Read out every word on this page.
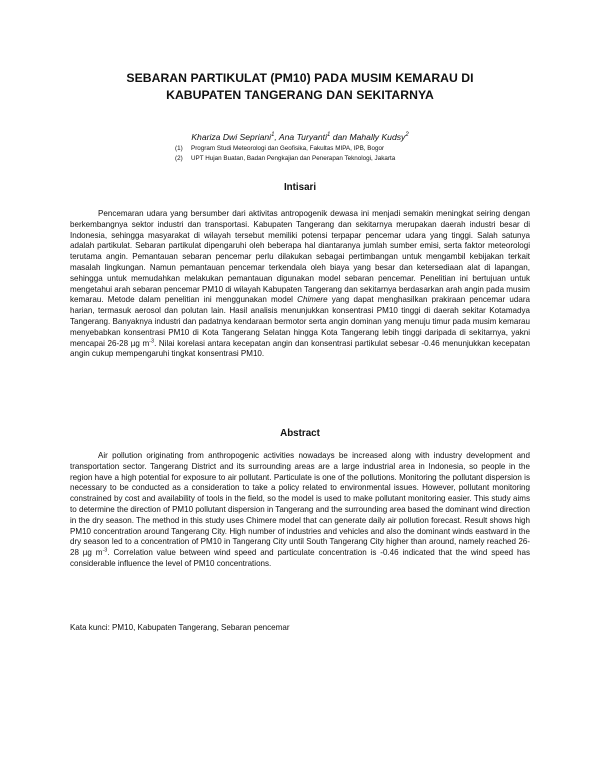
SEBARAN PARTIKULAT (PM10) PADA MUSIM KEMARAU DI
KABUPATEN TANGERANG DAN SEKITARNYA
Khariza Dwi Sepriani$^1$, Ana Turyanti$^1$ dan Mahally Kudsy$^2$
(1) Program Studi Meteorologi dan Geofisika, Fakultas MIPA, IPB, Bogor
(2) UPT Hujan Buatan, Badan Pengkajian dan Penerapan Teknologi, Jakarta
Intisari
Pencemaran udara yang bersumber dari aktivitas antropogenik dewasa ini menjadi semakin meningkat seiring dengan berkembangnya sektor industri dan transportasi. Kabupaten Tangerang dan sekitarnya merupakan daerah industri besar di Indonesia, sehingga masyarakat di wilayah tersebut memiliki potensi terpapar pencemar udara yang tinggi. Salah satunya adalah partikulat. Sebaran partikulat dipengaruhi oleh beberapa hal diantaranya jumlah sumber emisi, serta faktor meteorologi terutama angin. Pemantauan sebaran pencemar perlu dilakukan sebagai pertimbangan untuk mengambil kebijakan terkait masalah lingkungan. Namun pemantauan pencemar terkendala oleh biaya yang besar dan ketersediaan alat di lapangan, sehingga untuk memudahkan melakukan pemantauan digunakan model sebaran pencemar. Penelitian ini bertujuan untuk mengetahui arah sebaran pencemar PM10 di wilayah Kabupaten Tangerang dan sekitarnya berdasarkan arah angin pada musim kemarau. Metode dalam penelitian ini menggunakan model Chimere yang dapat menghasilkan prakiraan pencemar udara harian, termasuk aerosol dan polutan lain. Hasil analisis menunjukkan konsentrasi PM10 tinggi di daerah sekitar Kotamadya Tangerang. Banyaknya industri dan padatnya kendaraan bermotor serta angin dominan yang menuju timur pada musim kemarau menyebabkan konsentrasi PM10 di Kota Tangerang Selatan hingga Kota Tangerang lebih tinggi daripada di sekitarnya, yakni mencapai 26-28 µg $m^{-3}$. Nilai korelasi antara kecepatan angin dan konsentrasi partikulat sebesar -0.46 menunjukkan kecepatan angin cukup mempengaruhi tingkat konsentrasi PM10.
Abstract
Air pollution originating from anthropogenic activities nowadays be increased along with industry development and transportation sector. Tangerang District and its surrounding areas are a large industrial area in Indonesia, so people in the region have a high potential for exposure to air pollutant. Particulate is one of the pollutions. Monitoring the pollutant dispersion is necessary to be conducted as a consideration to take a policy related to environmental issues. However, pollutant monitoring constrained by cost and availability of tools in the field, so the model is used to make pollutant monitoring easier. This study aims to determine the direction of PM10 pollutant dispersion in Tangerang and the surrounding area based the dominant wind direction in the dry season. The method in this study uses Chimere model that can generate daily air pollution forecast. Result shows high PM10 concentration around Tangerang City. High number of industries and vehicles and also the dominant winds eastward in the dry season led to a concentration of PM10 in Tangerang City until South Tangerang City higher than around, namely reached 26-28 µg $m^{-3}$. Correlation value between wind speed and particulate concentration is -0.46 indicated that the wind speed has considerable influence the level of PM10 concentrations.
Kata kunci: PM10, Kabupaten Tangerang, Sebaran pencemar
